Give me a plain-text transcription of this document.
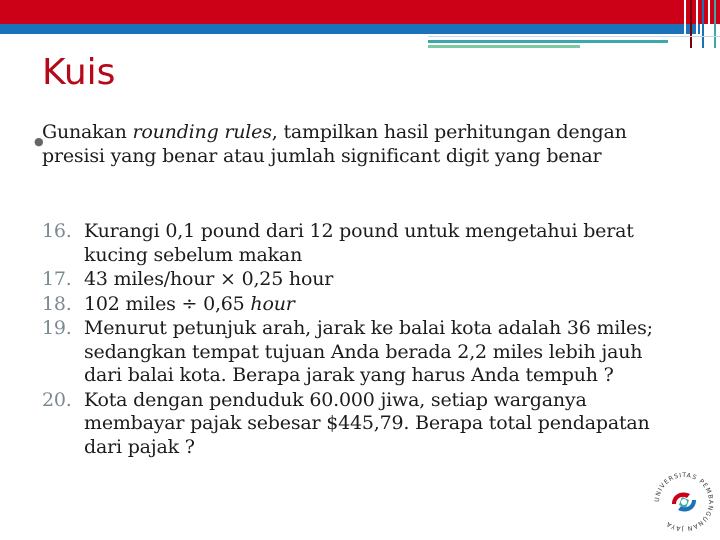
Kuis

●
Gunakan rounding rules, tampilkan hasil perhitungan dengan presisi yang benar atau jumlah significant digit yang benar

16. Kurangi 0,1 pound dari 12 pound untuk mengetahui berat kucing sebelum makan
17. 43 miles/hour × 0,25 hour
18. 102 miles ÷ 0,65 hour
19. Menurut petunjuk arah, jarak ke balai kota adalah 36 miles; sedangkan tempat tujuan Anda berada 2,2 miles lebih jauh dari balai kota. Berapa jarak yang harus Anda tempuh ?
20. Kota dengan penduduk 60.000 jiwa, setiap warganya membayar pajak sebesar $445,79. Berapa total pendapatan dari pajak ?
UNIVERSITAS PEMBANGUNAN JAYA
